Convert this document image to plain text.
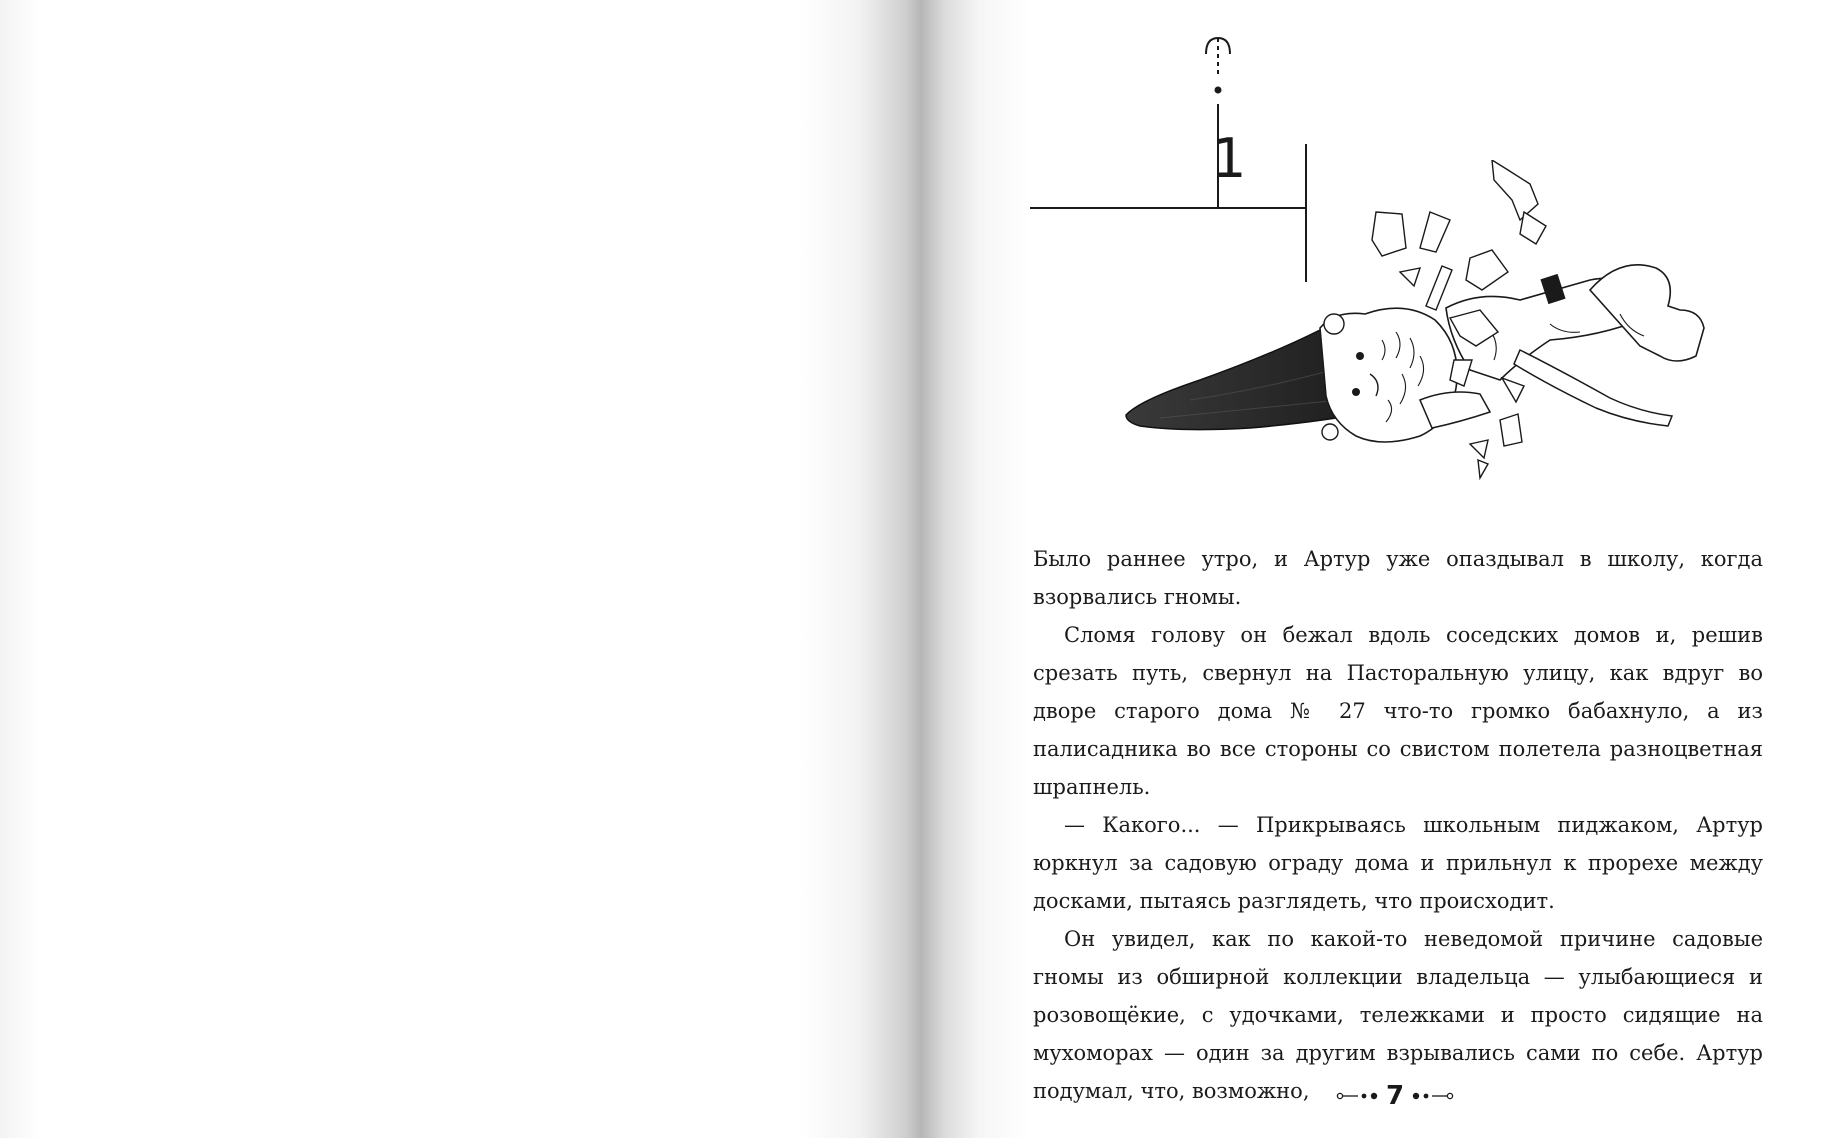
1

Было раннее утро, и Артур уже опаздывал в школу, когда взорвались гномы.

Сломя голову он бежал вдоль соседских домов и, решив срезать путь, свернул на Пасторальную улицу, как вдруг во дворе старого дома № 27 что-то громко бабахнуло, а из палисадника во все стороны со свистом полетела разноцветная шрапнель.

— Какого... — Прикрываясь школьным пиджаком, Артур юркнул за садовую ограду дома и прильнул к прорехе между досками, пытаясь разглядеть, что происходит.

Он увидел, как по какой-то неведомой причине садовые гномы из обширной коллекции владельца — улыбающиеся и розовощёкие, с удочками, тележками и просто сидящие на мухоморах — один за другим взрывались сами по себе. Артур подумал, что, возможно,	7
